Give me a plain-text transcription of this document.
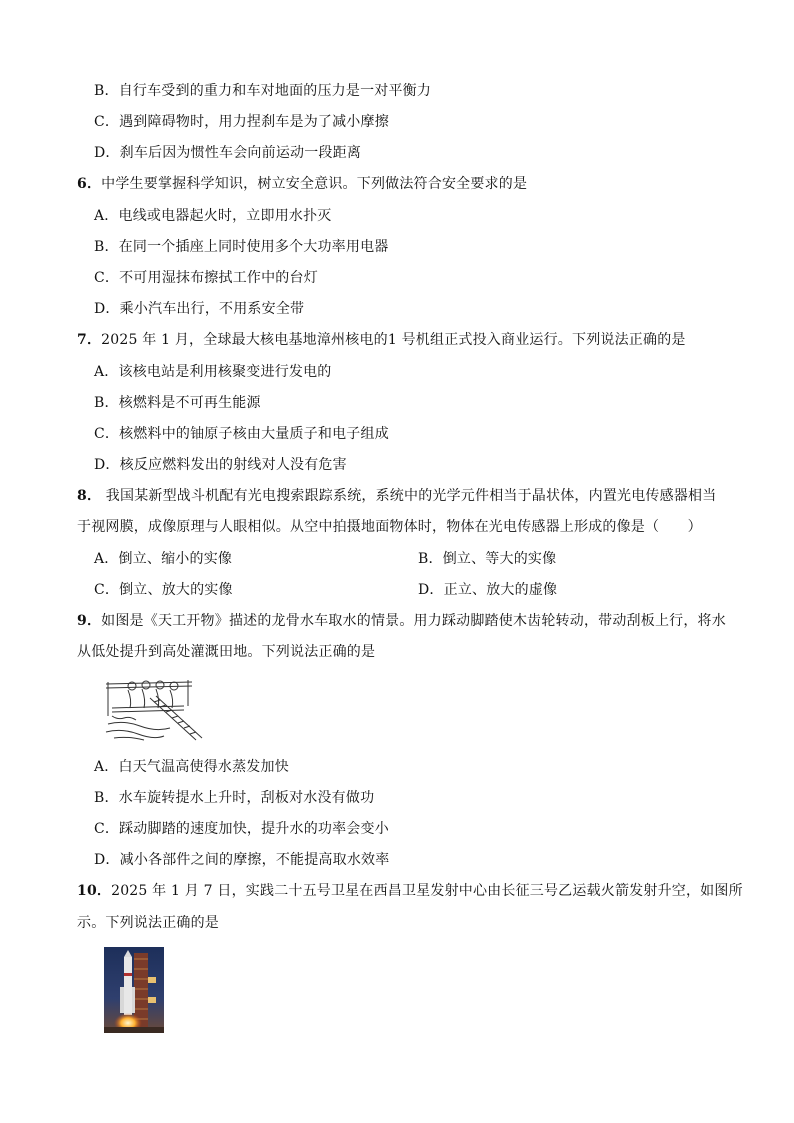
B．自行车受到的重力和车对地面的压力是一对平衡力
C．遇到障碍物时，用力捏刹车是为了减小摩擦
D．刹车后因为惯性车会向前运动一段距离
6．中学生要掌握科学知识，树立安全意识。下列做法符合安全要求的是
A．电线或电器起火时，立即用水扑灭
B．在同一个插座上同时使用多个大功率用电器
C．不可用湿抹布擦拭工作中的台灯
D．乘小汽车出行，不用系安全带
7．2025 年 1 月，全球最大核电基地漳州核电的1 号机组正式投入商业运行。下列说法正确的是
A．该核电站是利用核聚变进行发电的
B．核燃料是不可再生能源
C．核燃料中的铀原子核由大量质子和电子组成
D．核反应燃料发出的射线对人没有危害
8． 我国某新型战斗机配有光电搜索跟踪系统，系统中的光学元件相当于晶状体，内置光电传感器相当
于视网膜，成像原理与人眼相似。从空中拍摄地面物体时，物体在光电传感器上形成的像是（　　）
A．倒立、缩小的实像	B．倒立、等大的实像
C．倒立、放大的实像	D．正立、放大的虚像
9．如图是《天工开物》描述的龙骨水车取水的情景。用力踩动脚踏使木齿轮转动，带动刮板上行，将水
从低处提升到高处灌溉田地。下列说法正确的是
A．白天气温高使得水蒸发加快
B．水车旋转提水上升时，刮板对水没有做功
C．踩动脚踏的速度加快，提升水的功率会变小
D．减小各部件之间的摩擦，不能提高取水效率
10．2025 年 1 月 7 日，实践二十五号卫星在西昌卫星发射中心由长征三号乙运载火箭发射升空，如图所
示。下列说法正确的是
